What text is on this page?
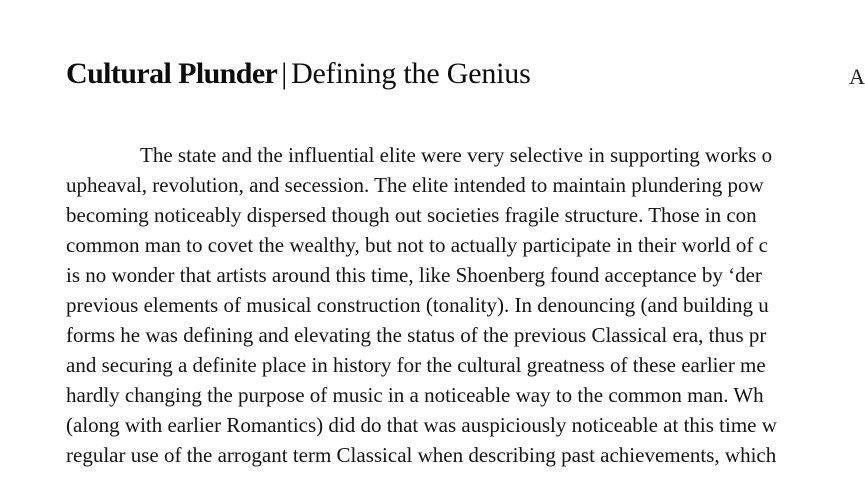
Cultural Plunder | Defining the Genius	A
The state and the influential elite were very selective in supporting works o
upheaval, revolution, and secession. The elite intended to maintain plundering pow
becoming noticeably dispersed though out societies fragile structure. Those in con
common man to covet the wealthy, but not to actually participate in their world of c
is no wonder that artists around this time, like Shoenberg found acceptance by ‘der
previous elements of musical construction (tonality). In denouncing (and building u
forms he was defining and elevating the status of the previous Classical era, thus pr
and securing a definite place in history for the cultural greatness of these earlier me
hardly changing the purpose of music in a noticeable way to the common man. Wh
(along with earlier Romantics) did do that was auspiciously noticeable at this time w
regular use of the arrogant term Classical when describing past achievements, which
